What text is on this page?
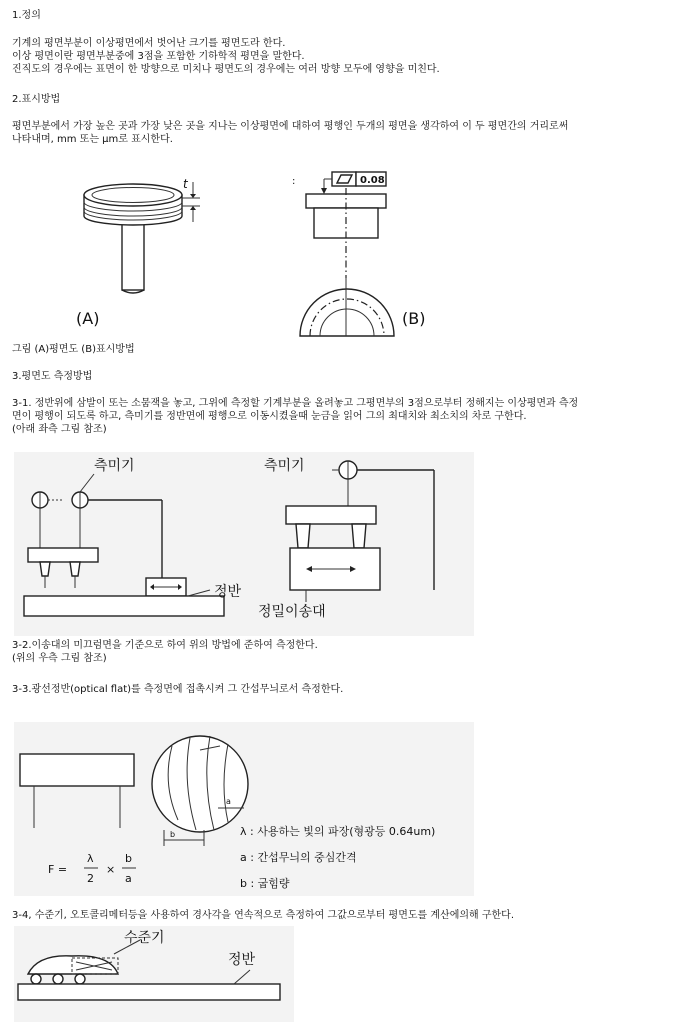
1.정의
기계의 평면부분이 이상평면에서 벗어난 크기를 평면도라 한다.
이상 평면이란 평면부분중에 3점을 포함한 기하학적 평면을 말한다.
진직도의 경우에는 표면이 한 방향으로 미치나 평면도의 경우에는 여러 방향 모두에 영향을 미친다.
2.표시방법
평면부분에서 가장 높은 곳과 가장 낮은 곳을 지나는 이상평면에 대하여 평행인 두개의 평면을 생각하여 이 두 평면간의 거리로써
나타내며, mm 또는 μm로 표시한다.
t
(A)
:	0.08
(B)
그림 (A)평면도 (B)표시방법
3.평면도 측정방법
3-1. 정반위에 삼발이 또는 소뭄잭을 놓고, 그위에 측정할 기계부분을 올려놓고 그평면부의 3점으로부터 정해지는 이상평면과 측정
면이 평행이 되도록 하고, 측미기를 정반면에 평행으로 이동시켰을때 눈금을 읽어 그의 최대치와 최소치의 차로 구한다.
(아래 좌측 그림 참조)
측미기
정반
측미기
정밀이송대
3-2.이송대의 미끄럼면을 기준으로 하여 위의 방법에 준하여 측정한다.
(위의 우측 그림 참조)
3-3.광선정반(optical flat)를 측정면에 접촉시켜 그 간섭무늬로서 측정한다.
b
a
F =
λ
2
×
b
a
λ : 사용하는 빛의 파장(형광등 0.64um)
a : 간섭무늬의 중심간격
b : 굽힘량
3-4, 수준기, 오토콜리메터등을 사용하여 경사각을 연속적으로 측정하여 그값으로부터 평면도를 계산에의해 구한다.
수준기
정반
